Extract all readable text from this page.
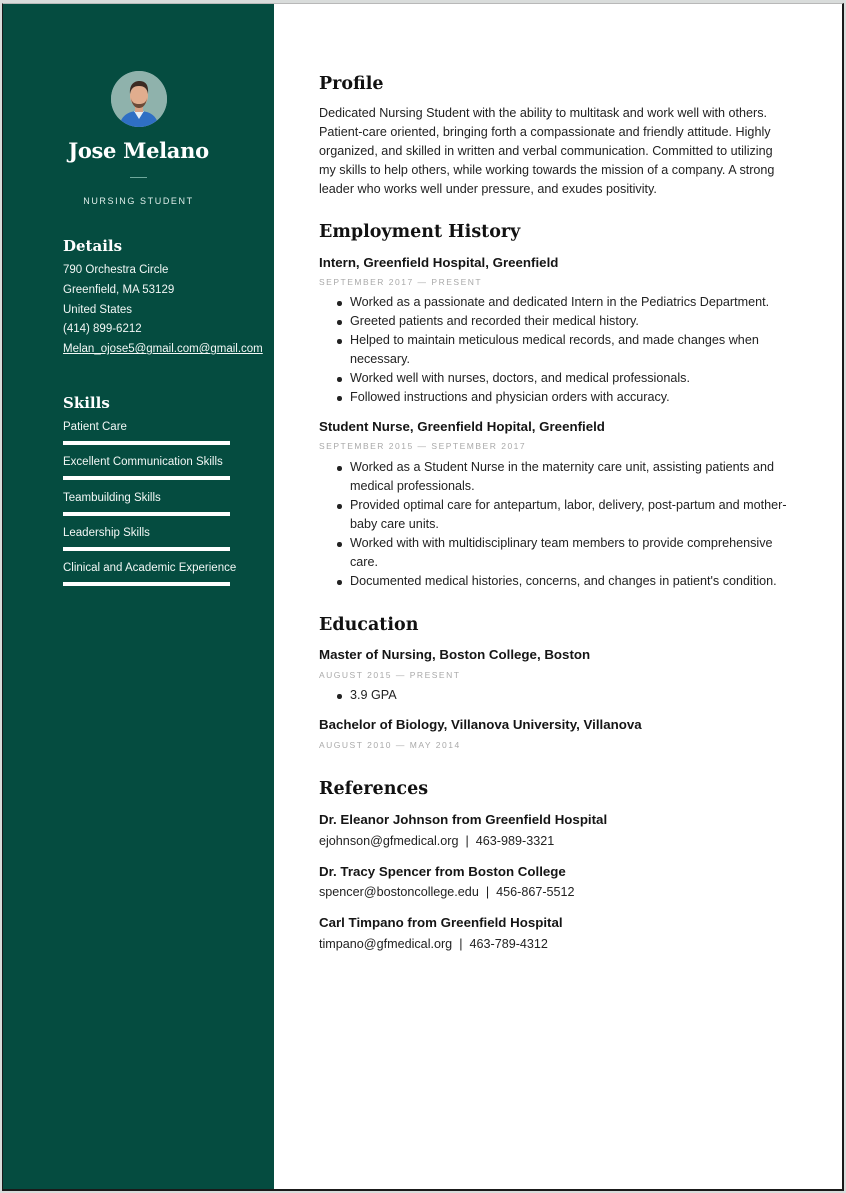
Jose Melano
NURSING STUDENT
Details
790 Orchestra Circle
Greenfield, MA 53129
United States
(414) 899-6212
Melan_ojose5@gmail.com@gmail.com
Skills
Patient Care
Excellent Communication Skills
Teambuilding Skills
Leadership Skills
Clinical and Academic Experience
Profile

Dedicated Nursing Student with the ability to multitask and work well with others. Patient-care oriented, bringing forth a compassionate and friendly attitude. Highly organized, and skilled in written and verbal communication. Committed to utilizing my skills to help others, while working towards the mission of a company. A strong leader who works well under pressure, and exudes positivity.

Employment History
Intern, Greenfield Hospital, Greenfield
SEPTEMBER 2017 — PRESENT
Worked as a passionate and dedicated Intern in the Pediatrics Department.
Greeted patients and recorded their medical history.
Helped to maintain meticulous medical records, and made changes when necessary.
Worked well with nurses, doctors, and medical professionals.
Followed instructions and physician orders with accuracy.
Student Nurse, Greenfield Hopital, Greenfield
SEPTEMBER 2015 — SEPTEMBER 2017
Worked as a Student Nurse in the maternity care unit, assisting patients and medical professionals.
Provided optimal care for antepartum, labor, delivery, post-partum and mother-baby care units.
Worked with with multidisciplinary team members to provide comprehensive care.
Documented medical histories, concerns, and changes in patient's condition.
Education
Master of Nursing, Boston College, Boston
AUGUST 2015 — PRESENT
3.9 GPA
Bachelor of Biology, Villanova University, Villanova
AUGUST 2010 — MAY 2014
References
Dr. Eleanor Johnson from Greenfield Hospital
ejohnson@gfmedical.org | 463-989-3321
Dr. Tracy Spencer from Boston College
spencer@bostoncollege.edu | 456-867-5512
Carl Timpano from Greenfield Hospital
timpano@gfmedical.org | 463-789-4312
